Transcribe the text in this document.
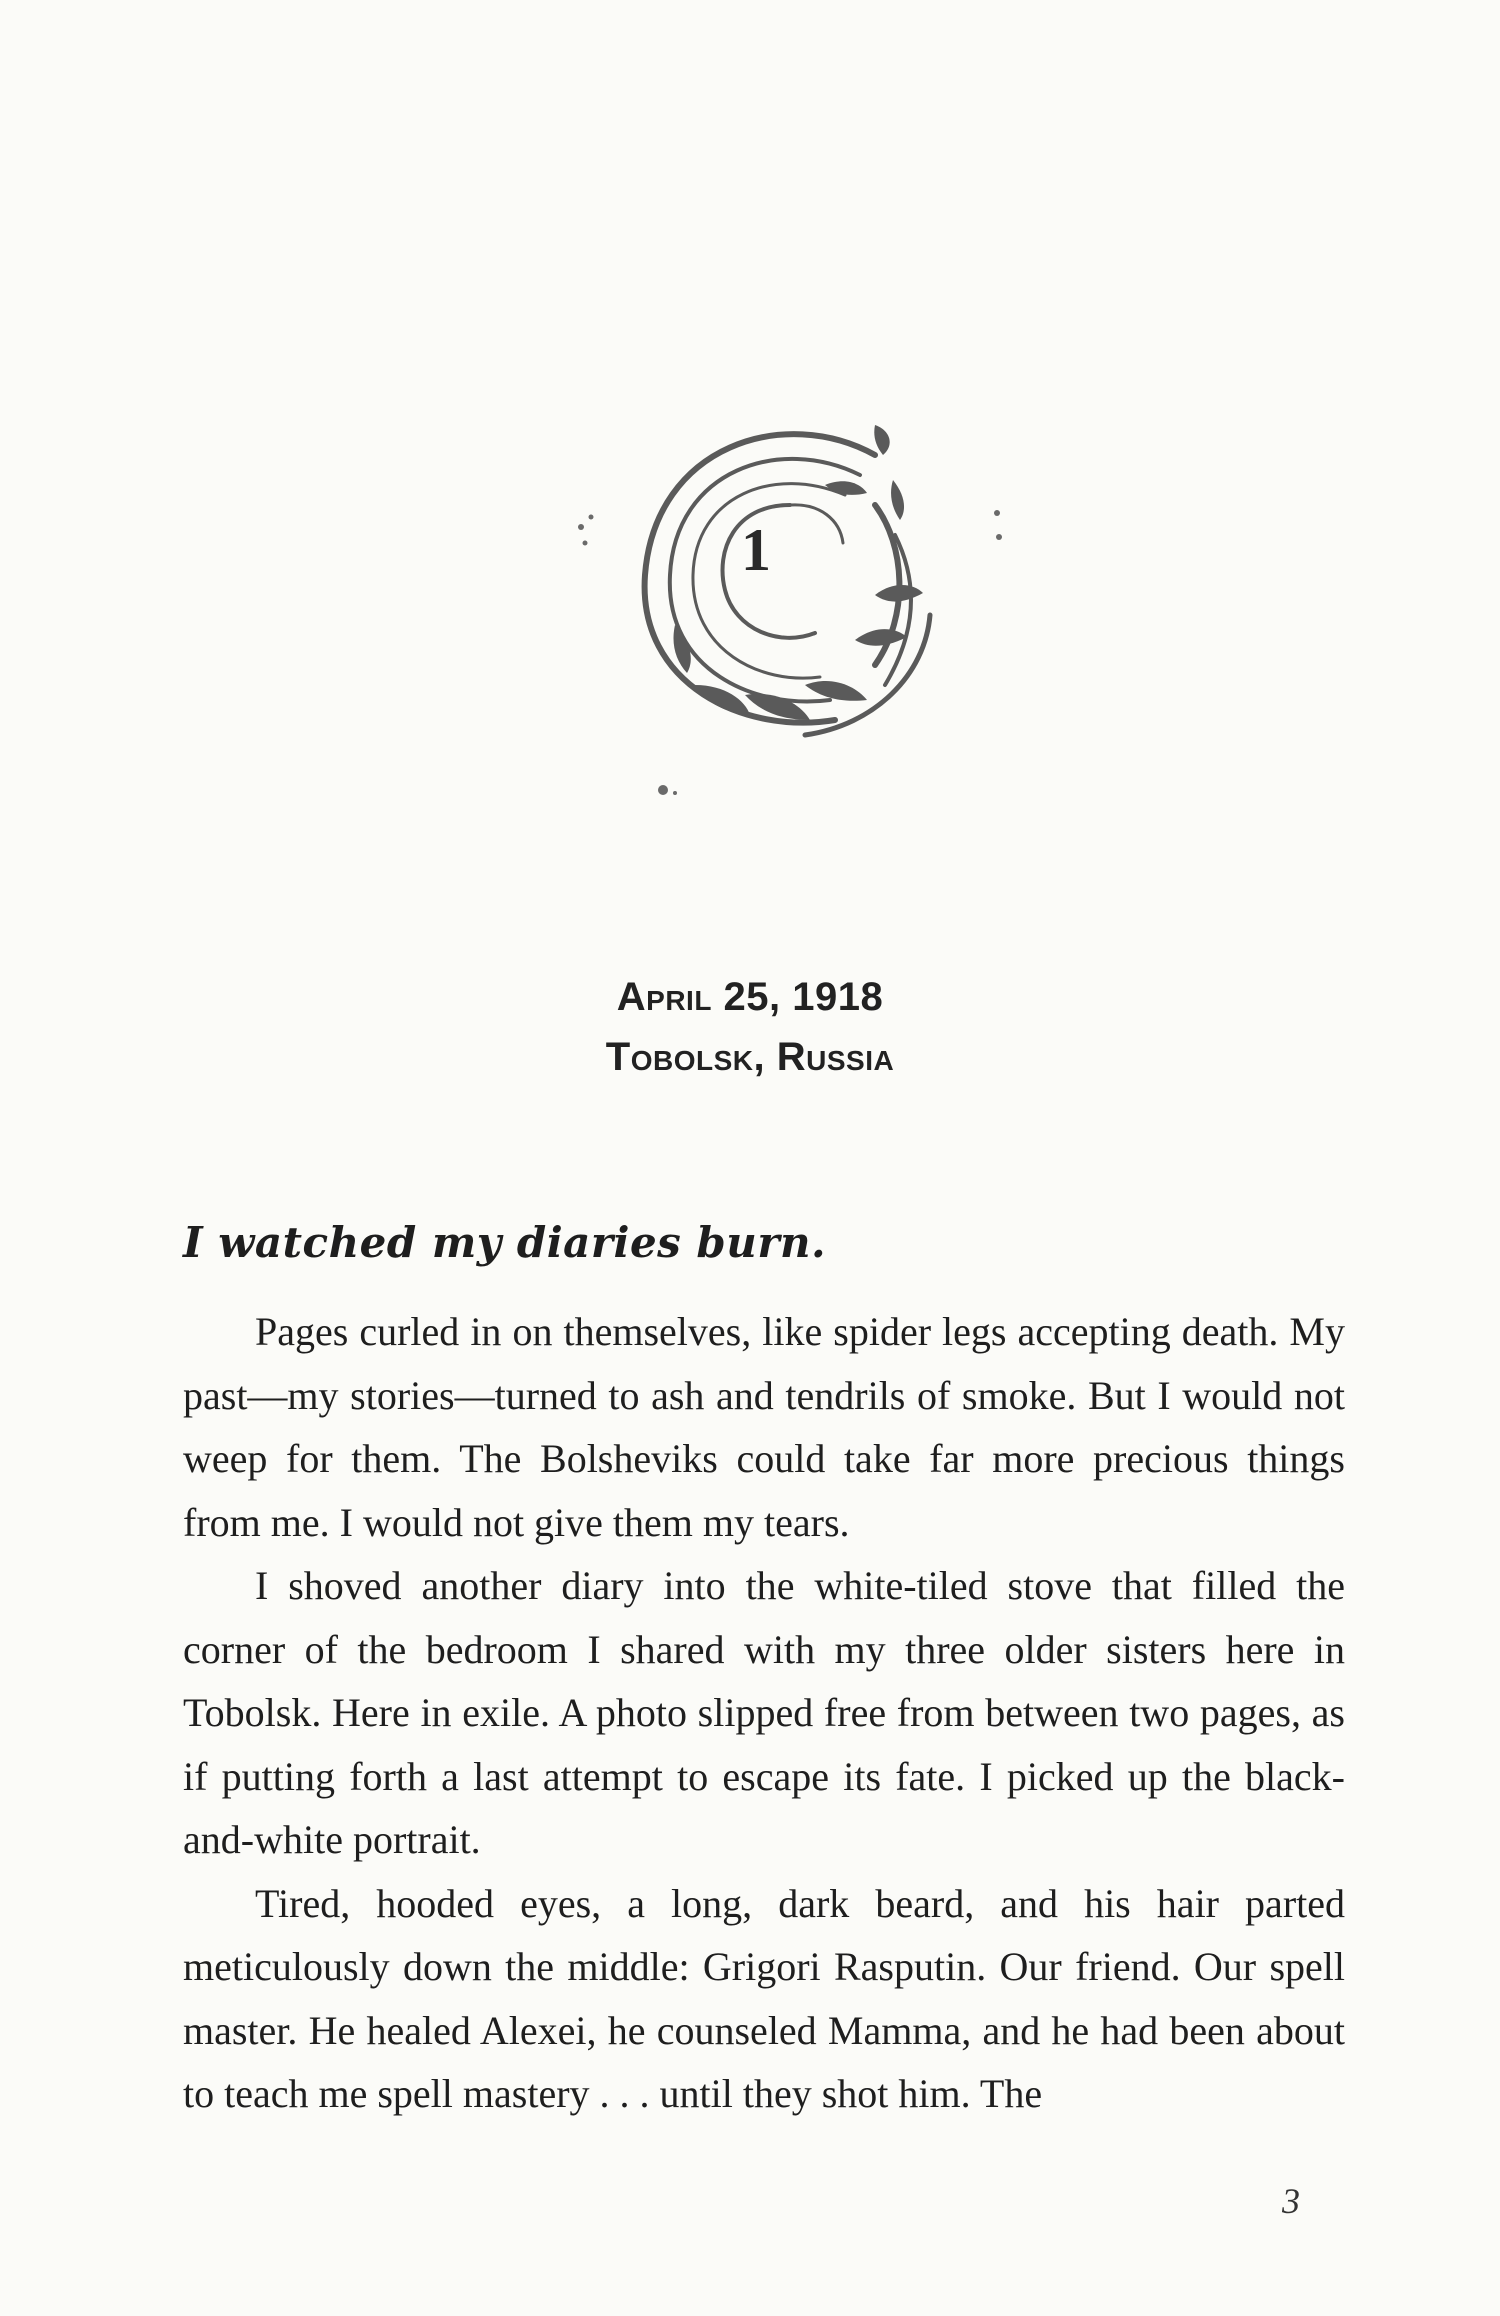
1
April 25, 1918
Tobolsk, Russia
I watched my diaries burn.

Pages curled in on themselves, like spider legs accepting death. My past—my stories—turned to ash and tendrils of smoke. But I would not weep for them. The Bolsheviks could take far more precious things from me. I would not give them my tears.

I shoved another diary into the white-tiled stove that filled the corner of the bedroom I shared with my three older sisters here in Tobolsk. Here in exile. A photo slipped free from between two pages, as if putting forth a last attempt to escape its fate. I picked up the black-and-white portrait.

Tired, hooded eyes, a long, dark beard, and his hair parted meticulously down the middle: Grigori Rasputin. Our friend. Our spell master. He healed Alexei, he counseled Mamma, and he had been about to teach me spell mastery . . . until they shot him. The

3
